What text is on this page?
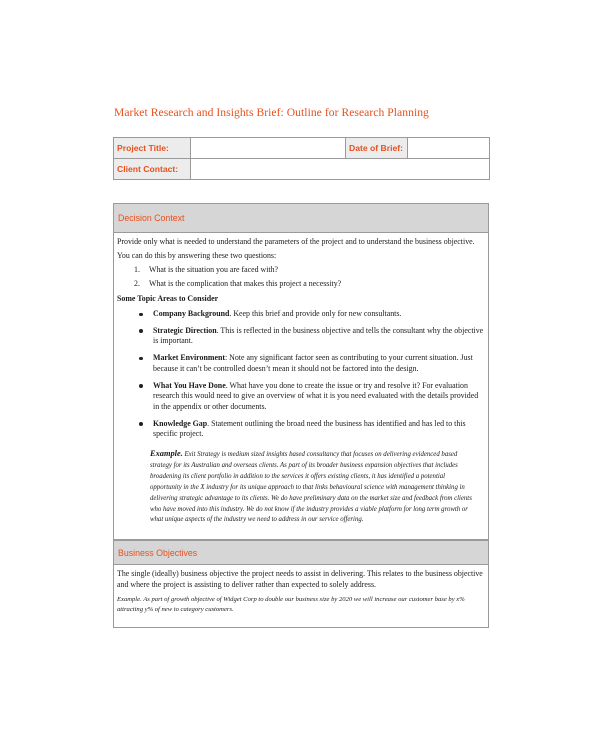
Market Research and Insights Brief: Outline for Research Planning
Project Title:		Date of Brief:	
Client Contact:			
Decision Context
Provide only what is needed to understand the parameters of the project and to understand the business objective. You can do this by answering these two questions:
1. What is the situation you are faced with?
2. What is the complication that makes this project a necessity?
Some Topic Areas to Consider
Company Background. Keep this brief and provide only for new consultants.
Strategic Direction. This is reflected in the business objective and tells the consultant why the objective is important.
Market Environment: Note any significant factor seen as contributing to your current situation. Just because it can’t be controlled doesn’t mean it should not be factored into the design.
What You Have Done. What have you done to create the issue or try and resolve it? For evaluation research this would need to give an overview of what it is you need evaluated with the details provided in the appendix or other documents.
Knowledge Gap. Statement outlining the broad need the business has identified and has led to this specific project.
Example. Exit Strategy is medium sized insights based consultancy that focuses on delivering evidenced based strategy for its Australian and overseas clients. As part of its broader business expansion objectives that includes broadening its client portfolio in addition to the services it offers existing clients, it has identified a potential opportunity in the X industry for its unique approach to that links behavioural science with management thinking in delivering strategic advantage to its clients. We do have preliminary data on the market size and feedback from clients who have moved into this industry. We do not know if the industry provides a viable platform for long term growth or what unique aspects of the industry we need to address in our service offering.
Business Objectives
The single (ideally) business objective the project needs to assist in delivering. This relates to the business objective and where the project is assisting to deliver rather than expected to solely address.
Example. As part of growth objective of Widget Corp to double our business size by 2020 we will increase our customer base by x% attracting y% of new to category customers.
